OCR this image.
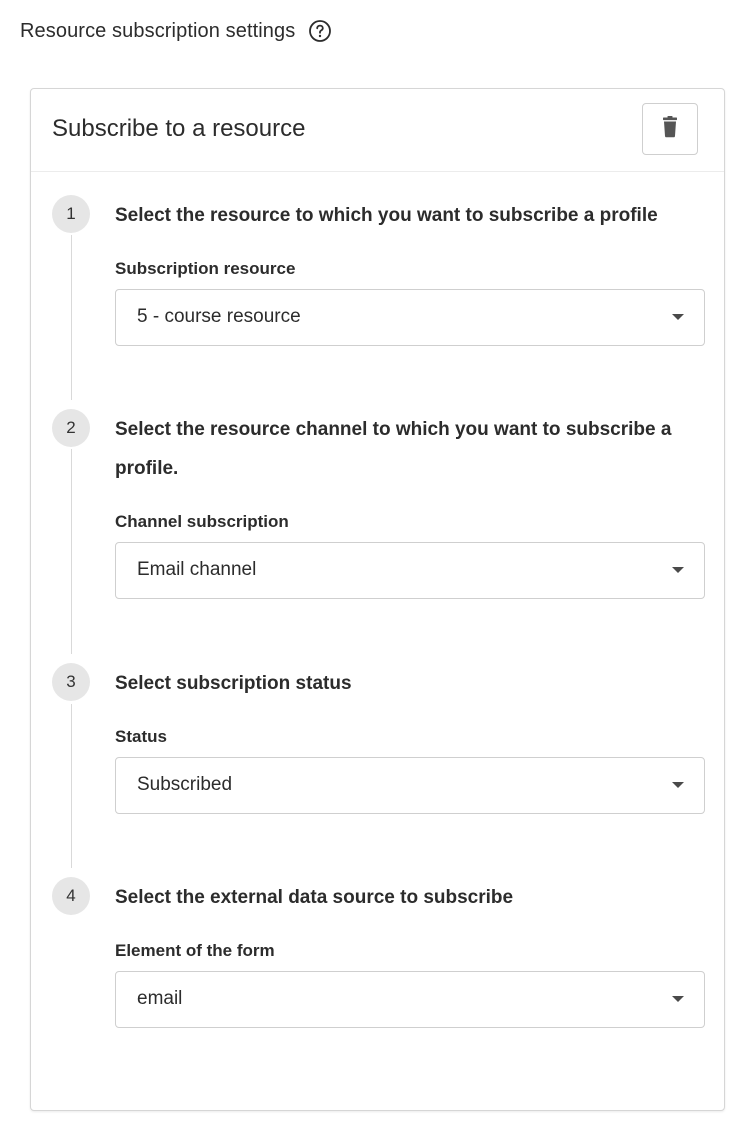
Resource subscription settings
Subscribe to a resource
1	Select the resource to which you want to subscribe a profile
Subscription resource
5 - course resource
2	Select the resource channel to which you want to subscribe a profile.
Channel subscription
Email channel
3	Select subscription status
Status
Subscribed
4	Select the external data source to subscribe
Element of the form
email
